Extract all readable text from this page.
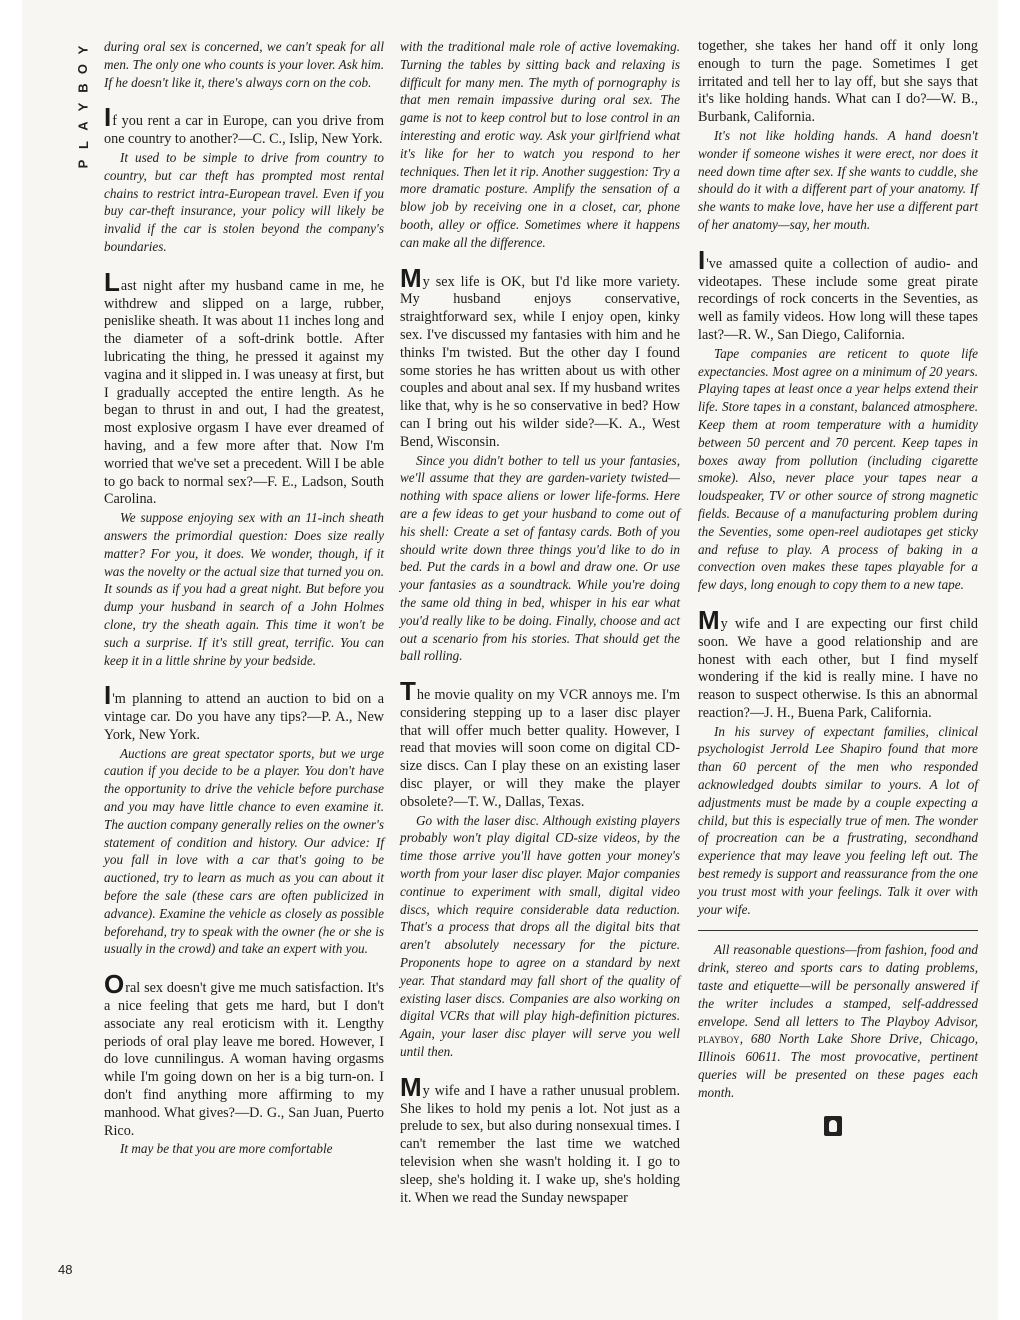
Y
O
B
Y
A
L
P
48

during oral sex is concerned, we can't speak for all men. The only one who counts is your lover. Ask him. If he doesn't like it, there's always corn on the cob.

If you rent a car in Europe, can you drive from one country to another?—C. C., Islip, New York.

It used to be simple to drive from country to country, but car theft has prompted most rental chains to restrict intra-European travel. Even if you buy car-theft insurance, your policy will likely be invalid if the car is stolen beyond the company's boundaries.

Last night after my husband came in me, he withdrew and slipped on a large, rubber, penislike sheath. It was about 11 inches long and the diameter of a soft-drink bottle. After lubricating the thing, he pressed it against my vagina and it slipped in. I was uneasy at first, but I gradually accepted the entire length. As he began to thrust in and out, I had the greatest, most explosive orgasm I have ever dreamed of having, and a few more after that. Now I'm worried that we've set a precedent. Will I be able to go back to normal sex?—F. E., Ladson, South Carolina.

We suppose enjoying sex with an 11-inch sheath answers the primordial question: Does size really matter? For you, it does. We wonder, though, if it was the novelty or the actual size that turned you on. It sounds as if you had a great night. But before you dump your husband in search of a John Holmes clone, try the sheath again. This time it won't be such a surprise. If it's still great, terrific. You can keep it in a little shrine by your bedside.

I'm planning to attend an auction to bid on a vintage car. Do you have any tips?—P. A., New York, New York.

Auctions are great spectator sports, but we urge caution if you decide to be a player. You don't have the opportunity to drive the vehicle before purchase and you may have little chance to even examine it. The auction company generally relies on the owner's statement of condition and history. Our advice: If you fall in love with a car that's going to be auctioned, try to learn as much as you can about it before the sale (these cars are often publicized in advance). Examine the vehicle as closely as possible beforehand, try to speak with the owner (he or she is usually in the crowd) and take an expert with you.

Oral sex doesn't give me much satisfaction. It's a nice feeling that gets me hard, but I don't associate any real eroticism with it. Lengthy periods of oral play leave me bored. However, I do love cunnilingus. A woman having orgasms while I'm going down on her is a big turn-on. I don't find anything more affirming to my manhood. What gives?—D. G., San Juan, Puerto Rico.

It may be that you are more comfortable

with the traditional male role of active lovemaking. Turning the tables by sitting back and relaxing is difficult for many men. The myth of pornography is that men remain impassive during oral sex. The game is not to keep control but to lose control in an interesting and erotic way. Ask your girlfriend what it's like for her to watch you respond to her techniques. Then let it rip. Another suggestion: Try a more dramatic posture. Amplify the sensation of a blow job by receiving one in a closet, car, phone booth, alley or office. Sometimes where it happens can make all the difference.

My sex life is OK, but I'd like more variety. My husband enjoys conservative, straightforward sex, while I enjoy open, kinky sex. I've discussed my fantasies with him and he thinks I'm twisted. But the other day I found some stories he has written about us with other couples and about anal sex. If my husband writes like that, why is he so conservative in bed? How can I bring out his wilder side?—K. A., West Bend, Wisconsin.

Since you didn't bother to tell us your fantasies, we'll assume that they are garden-variety twisted—nothing with space aliens or lower life-forms. Here are a few ideas to get your husband to come out of his shell: Create a set of fantasy cards. Both of you should write down three things you'd like to do in bed. Put the cards in a bowl and draw one. Or use your fantasies as a soundtrack. While you're doing the same old thing in bed, whisper in his ear what you'd really like to be doing. Finally, choose and act out a scenario from his stories. That should get the ball rolling.

The movie quality on my VCR annoys me. I'm considering stepping up to a laser disc player that will offer much better quality. However, I read that movies will soon come on digital CD-size discs. Can I play these on an existing laser disc player, or will they make the player obsolete?—T. W., Dallas, Texas.

Go with the laser disc. Although existing players probably won't play digital CD-size videos, by the time those arrive you'll have gotten your money's worth from your laser disc player. Major companies continue to experiment with small, digital video discs, which require considerable data reduction. That's a process that drops all the digital bits that aren't absolutely necessary for the picture. Proponents hope to agree on a standard by next year. That standard may fall short of the quality of existing laser discs. Companies are also working on digital VCRs that will play high-definition pictures. Again, your laser disc player will serve you well until then.

My wife and I have a rather unusual problem. She likes to hold my penis a lot. Not just as a prelude to sex, but also during nonsexual times. I can't remember the last time we watched television when she wasn't holding it. I go to sleep, she's holding it. I wake up, she's holding it. When we read the Sunday newspaper

together, she takes her hand off it only long enough to turn the page. Sometimes I get irritated and tell her to lay off, but she says that it's like holding hands. What can I do?—W. B., Burbank, California.

It's not like holding hands. A hand doesn't wonder if someone wishes it were erect, nor does it need down time after sex. If she wants to cuddle, she should do it with a different part of your anatomy. If she wants to make love, have her use a different part of her anatomy—say, her mouth.

I've amassed quite a collection of audio- and videotapes. These include some great pirate recordings of rock concerts in the Seventies, as well as family videos. How long will these tapes last?—R. W., San Diego, California.

Tape companies are reticent to quote life expectancies. Most agree on a minimum of 20 years. Playing tapes at least once a year helps extend their life. Store tapes in a constant, balanced atmosphere. Keep them at room temperature with a humidity between 50 percent and 70 percent. Keep tapes in boxes away from pollution (including cigarette smoke). Also, never place your tapes near a loudspeaker, TV or other source of strong magnetic fields. Because of a manufacturing problem during the Seventies, some open-reel audiotapes get sticky and refuse to play. A process of baking in a convection oven makes these tapes playable for a few days, long enough to copy them to a new tape.

My wife and I are expecting our first child soon. We have a good relationship and are honest with each other, but I find myself wondering if the kid is really mine. I have no reason to suspect otherwise. Is this an abnormal reaction?—J. H., Buena Park, California.

In his survey of expectant families, clinical psychologist Jerrold Lee Shapiro found that more than 60 percent of the men who responded acknowledged doubts similar to yours. A lot of adjustments must be made by a couple expecting a child, but this is especially true of men. The wonder of procreation can be a frustrating, secondhand experience that may leave you feeling left out. The best remedy is support and reassurance from the one you trust most with your feelings. Talk it over with your wife.

All reasonable questions—from fashion, food and drink, stereo and sports cars to dating problems, taste and etiquette—will be personally answered if the writer includes a stamped, self-addressed envelope. Send all letters to The Playboy Advisor, playboy, 680 North Lake Shore Drive, Chicago, Illinois 60611. The most provocative, pertinent queries will be presented on these pages each month.
